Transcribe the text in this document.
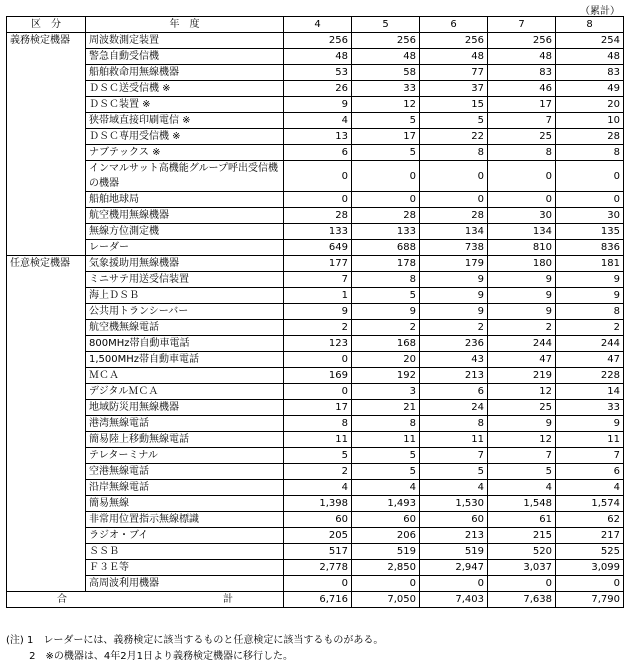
（累計）
区　分	年　度	4	5	6	7	8
義務検定機器	周波数測定装置	256	256	256	256	254
	警急自動受信機	48	48	48	48	48
	船舶救命用無線機器	53	58	77	83	83
	ＤＳＣ送受信機 ※	26	33	37	46	49
	ＤＳＣ装置 ※	9	12	15	17	20
	狭帯域直接印刷電信 ※	4	5	5	7	10
	ＤＳＣ専用受信機 ※	13	17	22	25	28
	ナブテックス ※	6	5	8	8	8
	インマルサット高機能グループ呼出受信機の機器	0	0	0	0	0
	船舶地球局	0	0	0	0	0
	航空機用無線機器	28	28	28	30	30
	無線方位測定機	133	133	134	134	135
	レーダー	649	688	738	810	836
任意検定機器	気象援助用無線機器	177	178	179	180	181
	ミニサテ用送受信装置	7	8	9	9	9
	海上ＤＳＢ	1	5	9	9	9
	公共用トランシーバー	9	9	9	9	8
	航空機無線電話	2	2	2	2	2
	800MHz帯自動車電話	123	168	236	244	244
	1,500MHz帯自動車電話	0	20	43	47	47
	ＭＣＡ	169	192	213	219	228
	デジタルＭＣＡ	0	3	6	12	14
	地域防災用無線機器	17	21	24	25	33
	港湾無線電話	8	8	8	9	9
	簡易陸上移動無線電話	11	11	11	12	11
	テレターミナル	5	5	7	7	7
	空港無線電話	2	5	5	5	6
	沿岸無線電話	4	4	4	4	4
	簡易無線	1,398	1,493	1,530	1,548	1,574
	非常用位置指示無線標識	60	60	60	61	62
	ラジオ・ブイ	205	206	213	215	217
	ＳＳＢ	517	519	519	520	525
	Ｆ３Ｅ等	2,778	2,850	2,947	3,037	3,099
	高周波利用機器	0	0	0	0	0

合 計		6,716	7,050	7,403	7,638	7,790
(注) 1　レーダーには、義務検定に該当するものと任意検定に該当するものがある。
　　 2　※の機器は、4年2月1日より義務検定機器に移行した。
